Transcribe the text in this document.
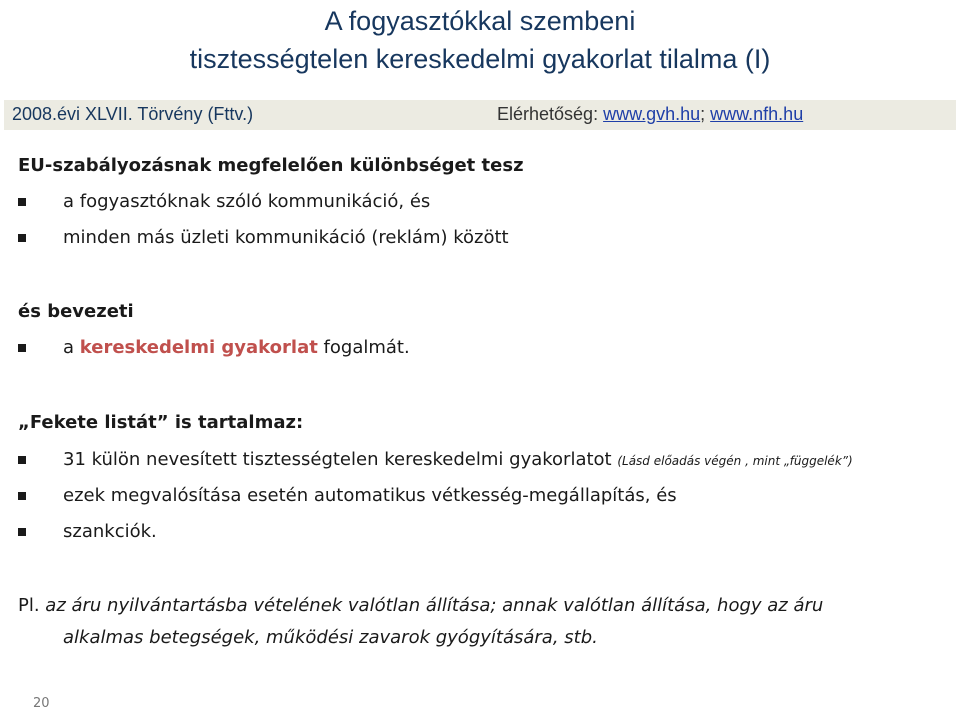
A fogyasztókkal szembeni
tisztességtelen kereskedelmi gyakorlat tilalma (I)
2008.évi XLVII. Törvény (Fttv.)	Elérhetőség: www.gvh.hu; www.nfh.hu
EU-szabályozásnak megfelelően különbséget tesz
a fogyasztóknak szóló kommunikáció, és
minden más üzleti kommunikáció (reklám) között
és bevezeti
a kereskedelmi gyakorlat fogalmát.
„Fekete listát” is tartalmaz:
31 külön nevesített tisztességtelen kereskedelmi gyakorlatot (Lásd előadás végén , mint „függelék”)
ezek megvalósítása esetén automatikus vétkesség-megállapítás, és
szankciók.
Pl. az áru nyilvántartásba vételének valótlan állítása; annak valótlan állítása, hogy az áru
alkalmas betegségek, működési zavarok gyógyítására, stb.
20
